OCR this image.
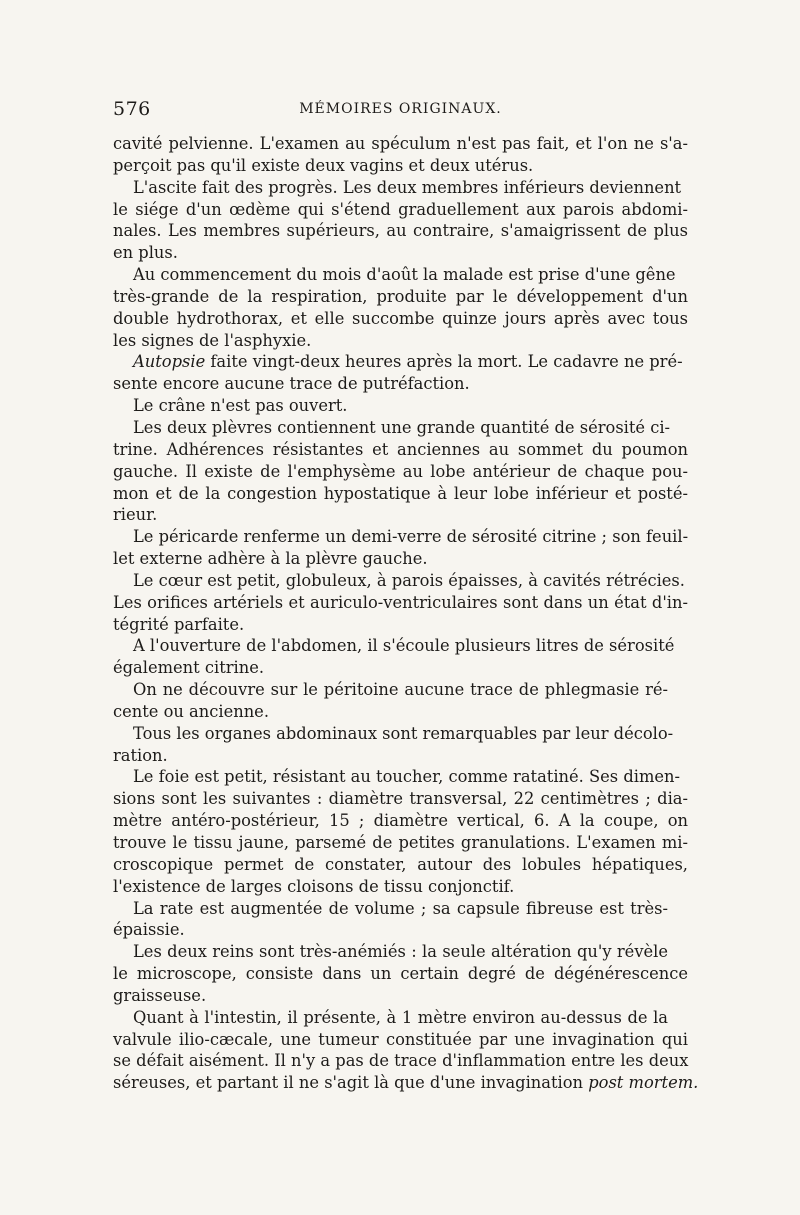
576	MÉMOIRES ORIGINAUX.
cavité pelvienne. L'examen au spéculum n'est pas fait, et l'on ne s'a-
perçoit pas qu'il existe deux vagins et deux utérus.
L'ascite fait des progrès. Les deux membres inférieurs deviennent
le siége d'un œdème qui s'étend graduellement aux parois abdomi-
nales. Les membres supérieurs, au contraire, s'amaigrissent de plus
en plus.
Au commencement du mois d'août la malade est prise d'une gêne
très-grande de la respiration, produite par le développement d'un
double hydrothorax, et elle succombe quinze jours après avec tous
les signes de l'asphyxie.
Autopsie faite vingt-deux heures après la mort. Le cadavre ne pré-
sente encore aucune trace de putréfaction.
Le crâne n'est pas ouvert.
Les deux plèvres contiennent une grande quantité de sérosité ci-
trine. Adhérences résistantes et anciennes au sommet du poumon
gauche. Il existe de l'emphysème au lobe antérieur de chaque pou-
mon et de la congestion hypostatique à leur lobe inférieur et posté-
rieur.
Le péricarde renferme un demi-verre de sérosité citrine ; son feuil-
let externe adhère à la plèvre gauche.
Le cœur est petit, globuleux, à parois épaisses, à cavités rétrécies.
Les orifices artériels et auriculo-ventriculaires sont dans un état d'in-
tégrité parfaite.
A l'ouverture de l'abdomen, il s'écoule plusieurs litres de sérosité
également citrine.
On ne découvre sur le péritoine aucune trace de phlegmasie ré-
cente ou ancienne.
Tous les organes abdominaux sont remarquables par leur décolo-
ration.
Le foie est petit, résistant au toucher, comme ratatiné. Ses dimen-
sions sont les suivantes : diamètre transversal, 22 centimètres ; dia-
mètre antéro-postérieur, 15 ; diamètre vertical, 6. A la coupe, on
trouve le tissu jaune, parsemé de petites granulations. L'examen mi-
croscopique permet de constater, autour des lobules hépatiques,
l'existence de larges cloisons de tissu conjonctif.
La rate est augmentée de volume ; sa capsule fibreuse est très-
épaissie.
Les deux reins sont très-anémiés : la seule altération qu'y révèle
le microscope, consiste dans un certain degré de dégénérescence
graisseuse.
Quant à l'intestin, il présente, à 1 mètre environ au-dessus de la
valvule ilio-cæcale, une tumeur constituée par une invagination qui
se défait aisément. Il n'y a pas de trace d'inflammation entre les deux
séreuses, et partant il ne s'agit là que d'une invagination post mortem.
